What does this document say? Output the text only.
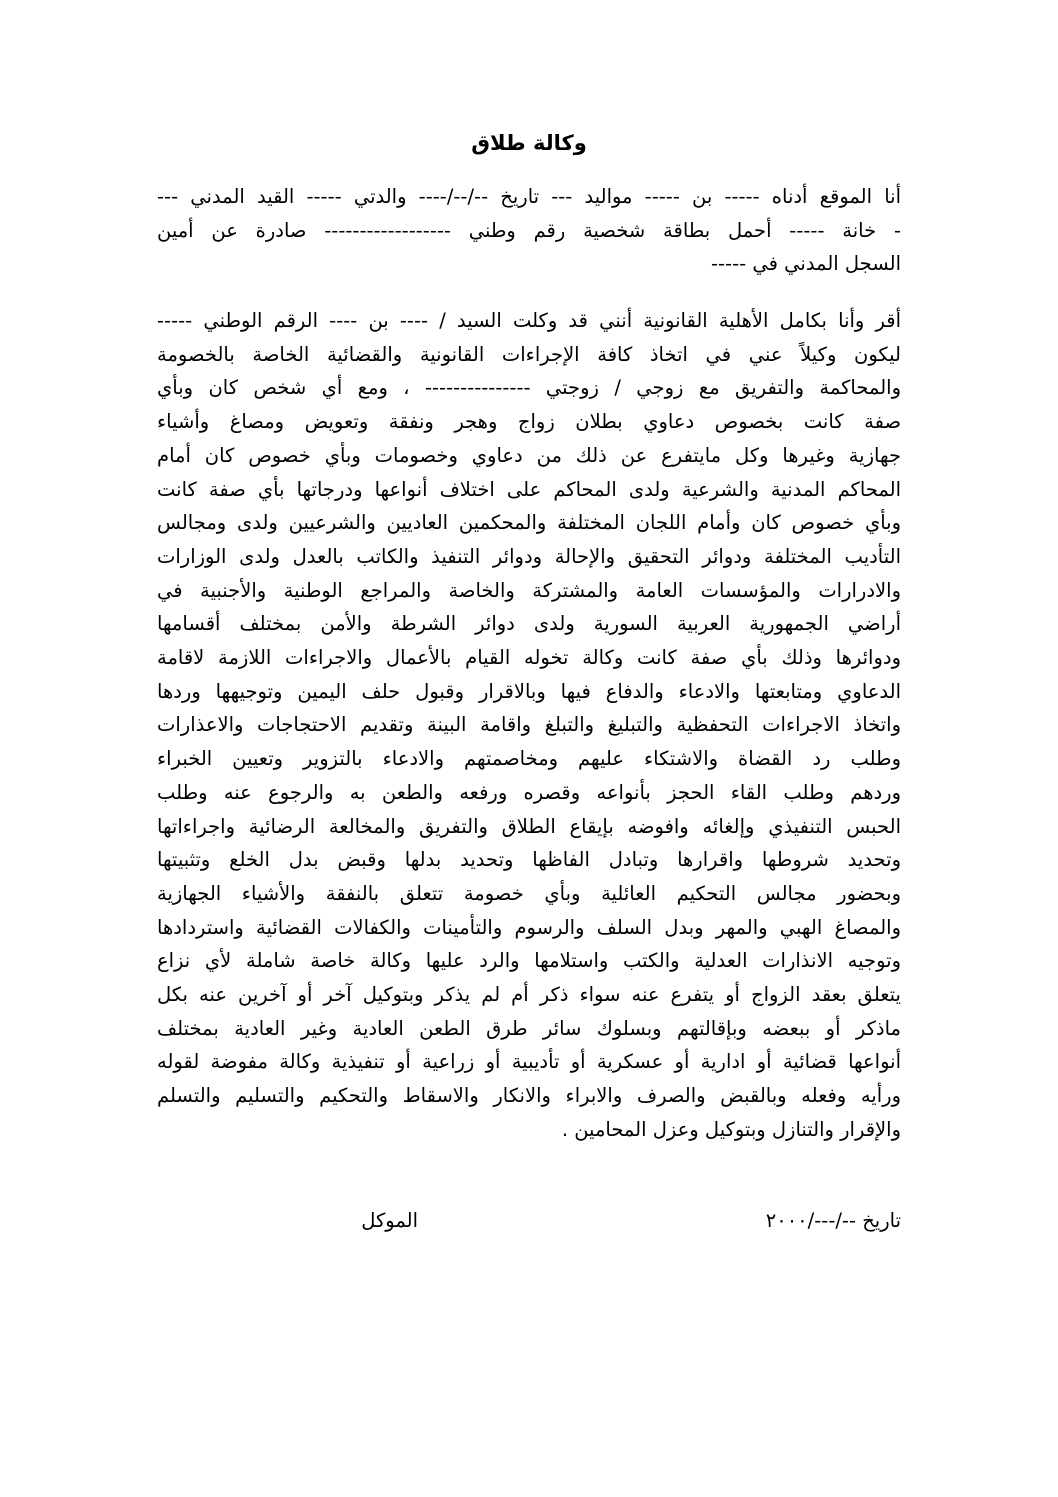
وكالة طلاق
أنا الموقع أدناه ----- بن ----- مواليد --- تاريخ --/--/---- والدتي ----- القيد المدني ---
- خانة ----- أحمل بطاقة شخصية رقم وطني ------------------ صادرة عن أمين
السجل المدني في -----
أقر وأنا بكامل الأهلية القانونية أنني قد وكلت السيد / ---- بن ---- الرقم الوطني -----
ليكون وكيلاً عني في اتخاذ كافة الإجراءات القانونية والقضائية الخاصة بالخصومة
والمحاكمة والتفريق مع زوجي / زوجتي --------------- ، ومع أي شخص كان وبأي
صفة كانت بخصوص دعاوي بطلان زواج وهجر ونفقة وتعويض ومصاغ وأشياء
جهازية وغيرها وكل مايتفرع عن ذلك من دعاوي وخصومات وبأي خصوص كان أمام
المحاكم المدنية والشرعية ولدى المحاكم على اختلاف أنواعها ودرجاتها بأي صفة كانت
وبأي خصوص كان وأمام اللجان المختلفة والمحكمين العاديين والشرعيين ولدى ومجالس
التأديب المختلفة ودوائر التحقيق والإحالة ودوائر التنفيذ والكاتب بالعدل ولدى الوزارات
والادرارات والمؤسسات العامة والمشتركة والخاصة والمراجع الوطنية والأجنبية في
أراضي الجمهورية العربية السورية ولدى دوائر الشرطة والأمن بمختلف أقسامها
ودوائرها وذلك بأي صفة كانت وكالة تخوله القيام بالأعمال والاجراءات اللازمة لاقامة
الدعاوي ومتابعتها والادعاء والدفاع فيها وبالاقرار وقبول حلف اليمين وتوجيهها وردها
واتخاذ الاجراءات التحفظية والتبليغ والتبلغ واقامة البينة وتقديم الاحتجاجات والاعذارات
وطلب رد القضاة والاشتكاء عليهم ومخاصمتهم والادعاء بالتزوير وتعيين الخبراء
وردهم وطلب القاء الحجز بأنواعه وقصره ورفعه والطعن به والرجوع عنه وطلب
الحبس التنفيذي وإلغائه وافوضه بإيقاع الطلاق والتفريق والمخالعة الرضائية واجراءاتها
وتحديد شروطها واقرارها وتبادل الفاظها وتحديد بدلها وقبض بدل الخلع وتثبيتها
وبحضور مجالس التحكيم العائلية وبأي خصومة تتعلق بالنفقة والأشياء الجهازية
والمصاغ الهبي والمهر وبدل السلف والرسوم والتأمينات والكفالات القضائية واستردادها
وتوجيه الانذارات العدلية والكتب واستلامها والرد عليها وكالة خاصة شاملة لأي نزاع
يتعلق بعقد الزواج أو يتفرع عنه سواء ذكر أم لم يذكر وبتوكيل آخر أو آخرين عنه بكل
ماذكر أو ببعضه وبإقالتهم وبسلوك سائر طرق الطعن العادية وغير العادية بمختلف
أنواعها قضائية أو ادارية أو عسكرية أو تأديبية أو زراعية أو تنفيذية وكالة مفوضة لقوله
ورأيه وفعله وبالقبض والصرف والابراء والانكار والاسقاط والتحكيم والتسليم والتسلم
والإقرار والتنازل وبتوكيل وعزل المحامين .
تاريخ --/---/٢٠٠٠
الموكل
